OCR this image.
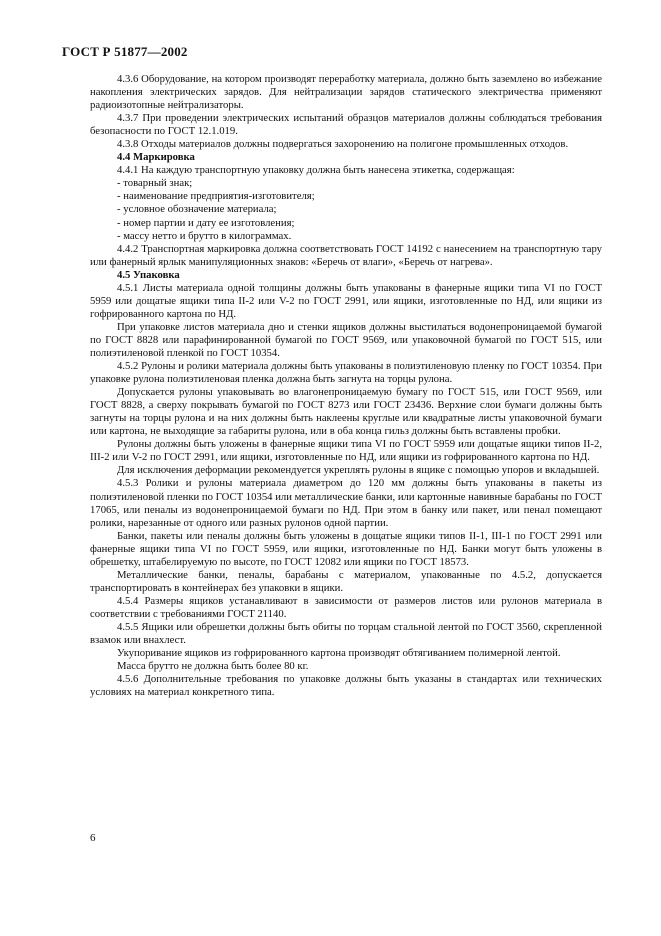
ГОСТ Р 51877—2002

4.3.6 Оборудование, на котором производят переработку материала, должно быть заземлено во избежание накопления электрических зарядов. Для нейтрализации зарядов статического электричества применяют радиоизотопные нейтрализаторы.

4.3.7 При проведении электрических испытаний образцов материалов должны соблюдаться требования безопасности по ГОСТ 12.1.019.

4.3.8 Отходы материалов должны подвергаться захоронению на полигоне промышленных отходов.

4.4 Маркировка

4.4.1 На каждую транспортную упаковку должна быть нанесена этикетка, содержащая:

- товарный знак;

- наименование предприятия-изготовителя;

- условное обозначение материала;

- номер партии и дату ее изготовления;

- массу нетто и брутто в килограммах.

4.4.2 Транспортная маркировка должна соответствовать ГОСТ 14192 с нанесением на транспортную тару или фанерный ярлык манипуляционных знаков: «Беречь от влаги», «Беречь от нагрева».

4.5 Упаковка

4.5.1 Листы материала одной толщины должны быть упакованы в фанерные ящики типа VI по ГОСТ 5959 или дощатые ящики типа II-2 или V-2 по ГОСТ 2991, или ящики, изготовленные по НД, или ящики из гофрированного картона по НД.

При упаковке листов материала дно и стенки ящиков должны выстилаться водонепроницаемой бумагой по ГОСТ 8828 или парафинированной бумагой по ГОСТ 9569, или упаковочной бумагой по ГОСТ 515, или полиэтиленовой пленкой по ГОСТ 10354.

4.5.2 Рулоны и ролики материала должны быть упакованы в полиэтиленовую пленку по ГОСТ 10354. При упаковке рулона полиэтиленовая пленка должна быть загнута на торцы рулона.

Допускается рулоны упаковывать во влагонепроницаемую бумагу по ГОСТ 515, или ГОСТ 9569, или ГОСТ 8828, а сверху покрывать бумагой по ГОСТ 8273 или ГОСТ 23436. Верхние слои бумаги должны быть загнуты на торцы рулона и на них должны быть наклеены круглые или квадратные листы упаковочной бумаги или картона, не выходящие за габариты рулона, или в оба конца гильз должны быть вставлены пробки.

Рулоны должны быть уложены в фанерные ящики типа VI по ГОСТ 5959 или дощатые ящики типов II-2, III-2 или V-2 по ГОСТ 2991, или ящики, изготовленные по НД, или ящики из гофрированного картона по НД.

Для исключения деформации рекомендуется укреплять рулоны в ящике с помощью упоров и вкладышей.

4.5.3 Ролики и рулоны материала диаметром до 120 мм должны быть упакованы в пакеты из полиэтиленовой пленки по ГОСТ 10354 или металлические банки, или картонные навивные барабаны по ГОСТ 17065, или пеналы из водонепроницаемой бумаги по НД. При этом в банку или пакет, или пенал помещают ролики, нарезанные от одного или разных рулонов одной партии.

Банки, пакеты или пеналы должны быть уложены в дощатые ящики типов II-1, III-1 по ГОСТ 2991 или фанерные ящики типа VI по ГОСТ 5959, или ящики, изготовленные по НД. Банки могут быть уложены в обрешетку, штабелируемую по высоте, по ГОСТ 12082 или ящики по ГОСТ 18573.

Металлические банки, пеналы, барабаны с материалом, упакованные по 4.5.2, допускается транспортировать в контейнерах без упаковки в ящики.

4.5.4 Размеры ящиков устанавливают в зависимости от размеров листов или рулонов материала в соответствии с требованиями ГОСТ 21140.

4.5.5 Ящики или обрешетки должны быть обиты по торцам стальной лентой по ГОСТ 3560, скрепленной взамок или внахлест.

Укупоривание ящиков из гофрированного картона производят обтягиванием полимерной лентой.

Масса брутто не должна быть более 80 кг.

4.5.6 Дополнительные требования по упаковке должны быть указаны в стандартах или технических условиях на материал конкретного типа.

6
